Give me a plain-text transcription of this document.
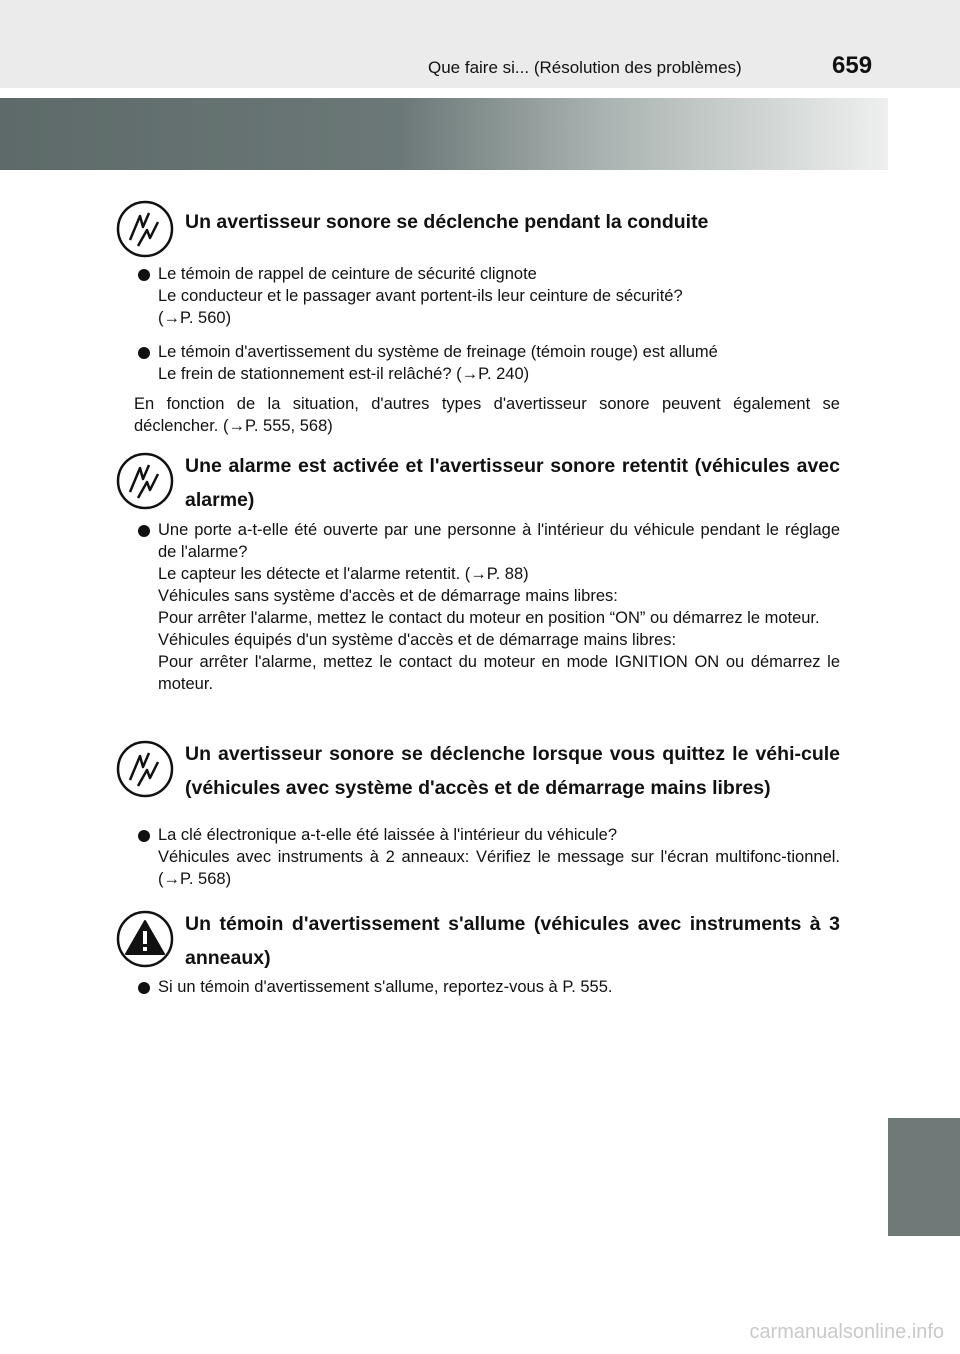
Que faire si... (Résolution des problèmes)	659
Un avertisseur sonore se déclenche pendant la conduite
Le témoin de rappel de ceinture de sécurité clignote
Le conducteur et le passager avant portent-ils leur ceinture de sécurité?
(→P. 560)
Le témoin d'avertissement du système de freinage (témoin rouge) est allumé
Le frein de stationnement est-il relâché? (→P. 240)
En fonction de la situation, d'autres types d'avertisseur sonore peuvent également se déclencher. (→P. 555, 568)
Une alarme est activée et l'avertisseur sonore retentit (véhicules avec alarme)
Une porte a-t-elle été ouverte par une personne à l'intérieur du véhicule pendant le réglage de l'alarme?
Le capteur les détecte et l'alarme retentit. (→P. 88)
Véhicules sans système d'accès et de démarrage mains libres:
Pour arrêter l'alarme, mettez le contact du moteur en position “ON” ou démarrez le moteur.
Véhicules équipés d'un système d'accès et de démarrage mains libres:
Pour arrêter l'alarme, mettez le contact du moteur en mode IGNITION ON ou démarrez le moteur.
Un avertisseur sonore se déclenche lorsque vous quittez le véhi-cule (véhicules avec système d'accès et de démarrage mains libres)
La clé électronique a-t-elle été laissée à l'intérieur du véhicule?
Véhicules avec instruments à 2 anneaux: Vérifiez le message sur l'écran multifonc-tionnel. (→P. 568)
Un témoin d'avertissement s'allume (véhicules avec instruments à 3 anneaux)
Si un témoin d'avertissement s'allume, reportez-vous à P. 555.
carmanualsonline.info
